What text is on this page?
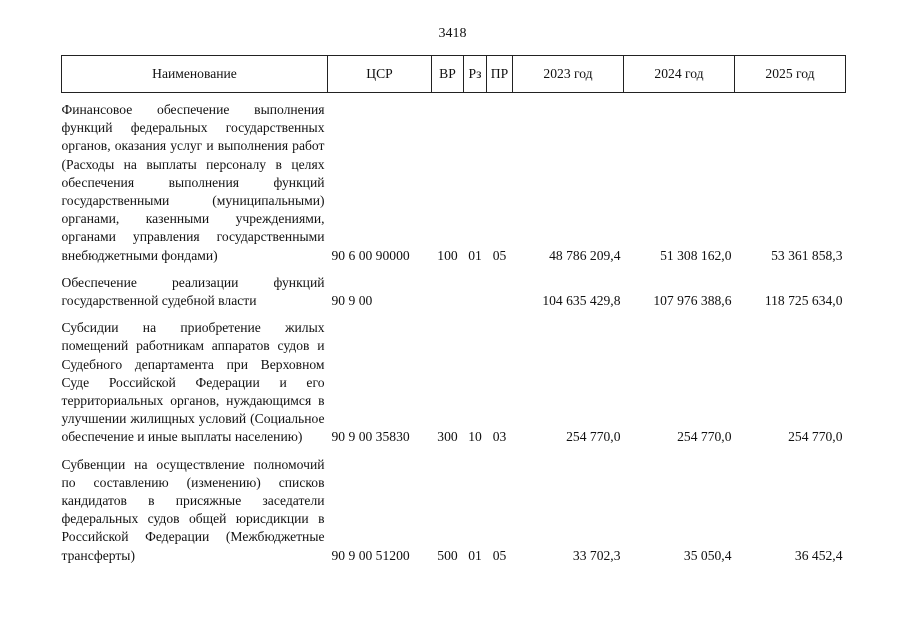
3418
Наименование	ЦСР	ВР	Рз	ПР	2023 год	2024 год	2025 год

Финансовое обеспечение выполнения функций федеральных государственных органов, оказания услуг и выполнения работ (Расходы на выплаты персоналу в целях обеспечения выполнения функций государственными (муниципальными) органами, казенными учреждениями, органами управления государственными внебюджетными фондами)	90 6 00 90000	100	01	05	48 786 209,4	51 308 162,0	53 361 858,3

Обеспечение реализации функций государственной судебной власти	90 9 00				104 635 429,8	107 976 388,6	118 725 634,0

Субсидии на приобретение жилых помещений работникам аппаратов судов и Судебного департамента при Верховном Суде Российской Федерации и его территориальных органов, нуждающимся в улучшении жилищных условий (Социальное обеспечение и иные выплаты населению)	90 9 00 35830	300	10	03	254 770,0	254 770,0	254 770,0

Субвенции на осуществление полномочий по составлению (изменению) списков кандидатов в присяжные заседатели федеральных судов общей юрисдикции в Российской Федерации (Межбюджетные трансферты)	90 9 00 51200	500	01	05	33 702,3	35 050,4	36 452,4
